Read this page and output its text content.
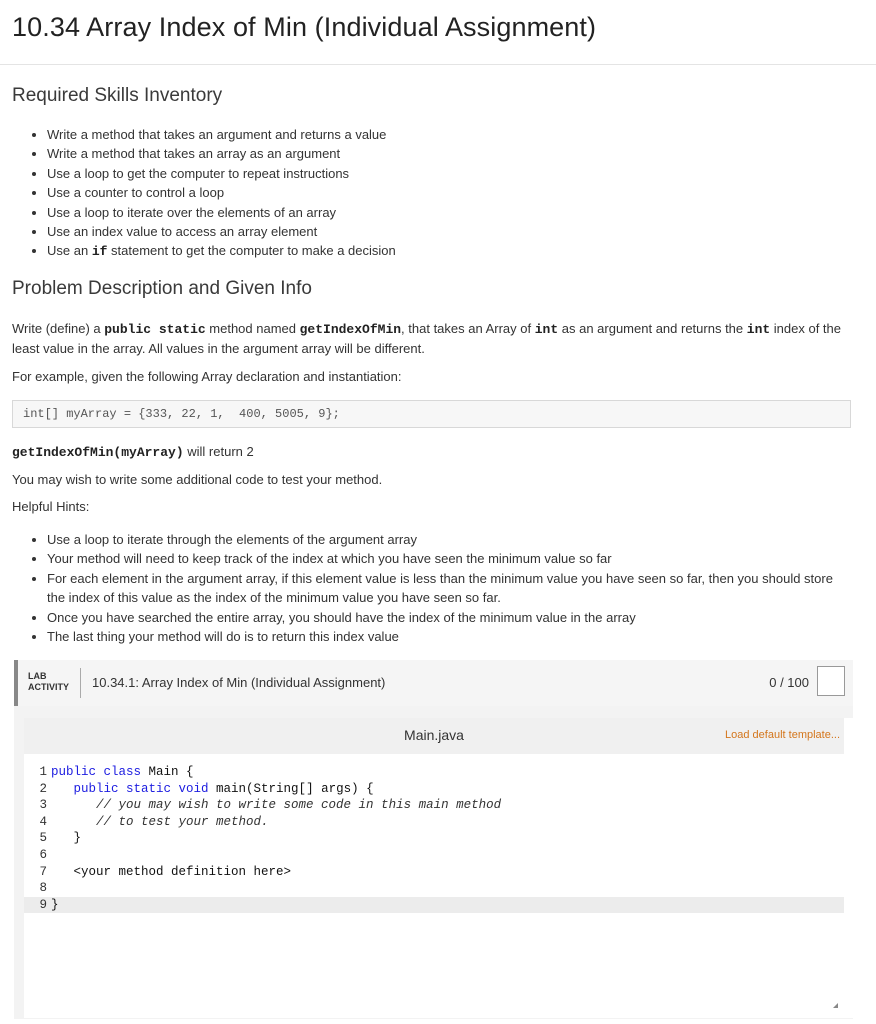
10.34 Array Index of Min (Individual Assignment)
Required Skills Inventory
• Write a method that takes an argument and returns a value
• Write a method that takes an array as an argument
• Use a loop to get the computer to repeat instructions
• Use a counter to control a loop
• Use a loop to iterate over the elements of an array
• Use an index value to access an array element
• Use an if statement to get the computer to make a decision
Problem Description and Given Info

Write (define) a public static method named getIndexOfMin, that takes an Array of int as an argument and returns the int index of the least value in the array. All values in the argument array will be different.

For example, given the following Array declaration and instantiation:

int[] myArray = {333, 22, 1,  400, 5005, 9};

getIndexOfMin(myArray) will return 2

You may wish to write some additional code to test your method.

Helpful Hints:

• Use a loop to iterate through the elements of the argument array
• Your method will need to keep track of the index at which you have seen the minimum value so far
• For each element in the argument array, if this element value is less than the minimum value you have seen so far, then you should store the index of this value as the index of the minimum value you have seen so far.
• Once you have searched the entire array, you should have the index of the minimum value in the array
• The last thing your method will do is to return this index value
LAB
ACTIVITY 10.34.1: Array Index of Min (Individual Assignment)	0 / 100
Main.java	Load default template...
1 public class Main {
2 public static void main(String[] args) {
3	// you may wish to write some code in this main method
4	// to test your method.
5 }
6
7 <your method definition here>
8
9 }
